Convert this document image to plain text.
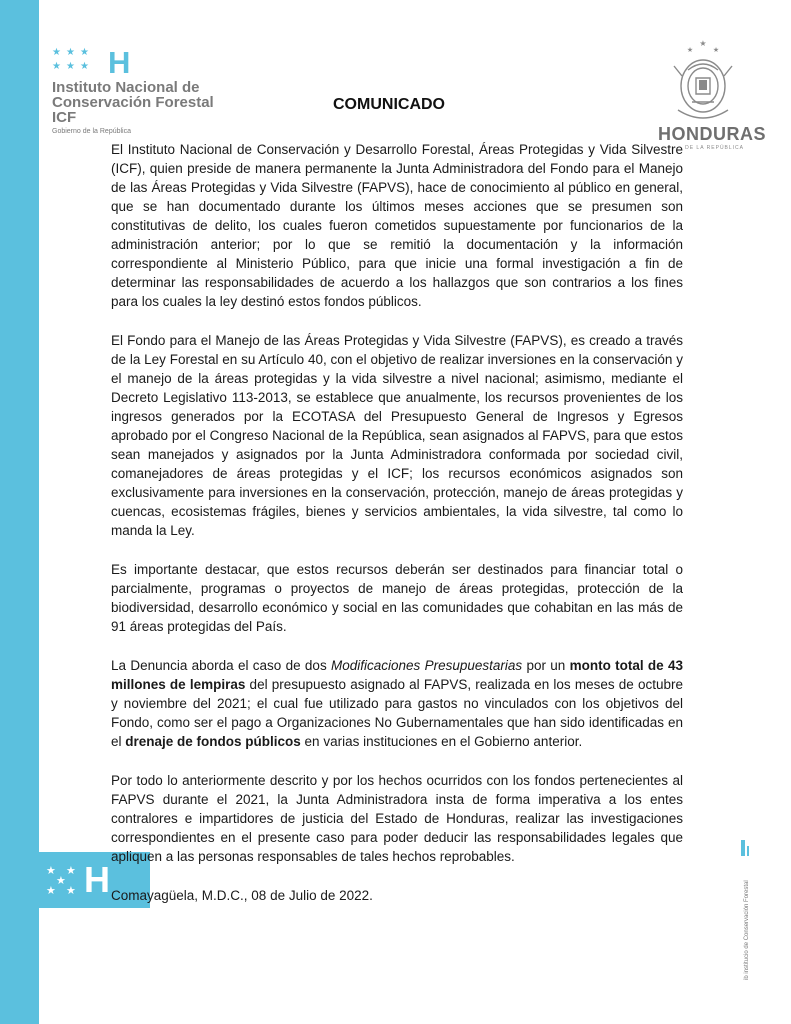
★ ★
★
★ ★ H
★ ★ ★
★ ★ ★ H
Instituto Nacional de
Conservación Forestal
ICF
Gobierno de la República
COMUNICADO
★
★	★
HONDURAS
DE LA REPÚBLICA

El Instituto Nacional de Conservación y Desarrollo Forestal, Áreas Protegidas y Vida Silvestre (ICF), quien preside de manera permanente la Junta Administradora del Fondo para el Manejo de las Áreas Protegidas y Vida Silvestre (FAPVS), hace de conocimiento al público en general, que se han documentado durante los últimos meses acciones que se presumen son constitutivas de delito, los cuales fueron cometidos supuestamente por funcionarios de la administración anterior; por lo que se remitió la documentación y la información correspondiente al Ministerio Público, para que inicie una formal investigación a fin de determinar las responsabilidades de acuerdo a los hallazgos que son contrarios a los fines para los cuales la ley destinó estos fondos públicos.

El Fondo para el Manejo de las Áreas Protegidas y Vida Silvestre (FAPVS), es creado a través de la Ley Forestal en su Artículo 40, con el objetivo de realizar inversiones en la conservación y el manejo de la áreas protegidas y la vida silvestre a nivel nacional; asimismo, mediante el Decreto Legislativo 113-2013, se establece que anualmente, los recursos provenientes de los ingresos generados por la ECOTASA del Presupuesto General de Ingresos y Egresos aprobado por el Congreso Nacional de la República, sean asignados al FAPVS, para que estos sean manejados y asignados por la Junta Administradora conformada por sociedad civil, comanejadores de áreas protegidas y el ICF; los recursos económicos asignados son exclusivamente para inversiones en la conservación, protección, manejo de áreas protegidas y cuencas, ecosistemas frágiles, bienes y servicios ambientales, la vida silvestre, tal como lo manda la Ley.

Es importante destacar, que estos recursos deberán ser destinados para financiar total o parcialmente, programas o proyectos de manejo de áreas protegidas, protección de la biodiversidad, desarrollo económico y social en las comunidades que cohabitan en las más de 91 áreas protegidas del País.

La Denuncia aborda el caso de dos Modificaciones Presupuestarias por un monto total de 43 millones de lempiras del presupuesto asignado al FAPVS, realizada en los meses de octubre y noviembre del 2021; el cual fue utilizado para gastos no vinculados con los objetivos del Fondo, como ser el pago a Organizaciones No Gubernamentales que han sido identificadas en el drenaje de fondos públicos en varias instituciones en el Gobierno anterior.

Por todo lo anteriormente descrito y por los hechos ocurridos con los fondos pertenecientes al FAPVS durante el 2021, la Junta Administradora insta de forma imperativa a los entes contralores e impartidores de justicia del Estado de Honduras, realizar las investigaciones correspondientes en el presente caso para poder deducir las responsabilidades legales que apliquen a las personas responsables de tales hechos reprobables.

Comayagüela, M.D.C., 08 de Julio de 2022.	ib institucio de Conservación Forestal
